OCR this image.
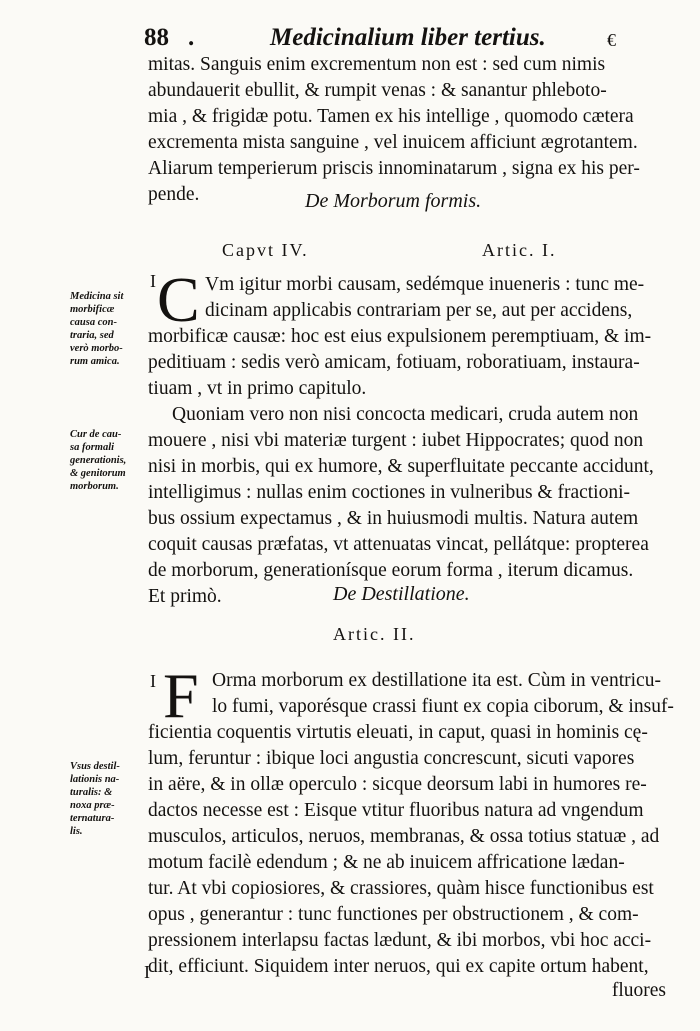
88 .	Medicinalium liber tertius.	€
mitas. Sanguis enim excrementum non est : sed cum nimis
abundauerit ebullit, & rumpit venas : & sanantur phleboto-
mia , & frigidæ potu. Tamen ex his intellige , quomodo cætera
excrementa mista sanguine , vel inuicem afficiunt ægrotantem.
Aliarum temperierum priscis innominatarum , signa ex his per-
pende.	De Morborum formis.
Capvt IV.	Artic. I.
I C Vm igitur morbi causam, sedémque inueneris : tunc me-
dicinam applicabis contrariam per se, aut per accidens,
morbificæ causæ: hoc est eius expulsionem peremptiuam, & im-
peditiuam : sedis verò amicam, fotiuam, roboratiuam, instaura-
tiuam , vt in primo capitulo.
Quoniam vero non nisi concocta medicari, cruda autem non
mouere , nisi vbi materiæ turgent : iubet Hippocrates; quod non
nisi in morbis, qui ex humore, & superfluitate peccante accidunt,
intelligimus : nullas enim coctiones in vulneribus & fractioni-
bus ossium expectamus , & in huiusmodi multis. Natura autem
coquit causas præfatas, vt attenuatas vincat, pellátque: propterea
de morborum, generationísque eorum forma , iterum dicamus.
Et primò.	De Destillatione.
Artic. II.
I F Orma morborum ex destillatione ita est. Cùm in ventricu-
lo fumi, vaporésque crassi fiunt ex copia ciborum, & insuf-
ficientia coquentis virtutis eleuati, in caput, quasi in hominis cę-
lum, feruntur : ibique loci angustia concrescunt, sicuti vapores
in aëre, & in ollæ operculo : sicque deorsum labi in humores re-
dactos necesse est : Eisque vtitur fluoribus natura ad vngendum
musculos, articulos, neruos, membranas, & ossa totius statuæ , ad
motum facilè edendum ; & ne ab inuicem affricatione lædan-
tur. At vbi copiosiores, & crassiores, quàm hisce functionibus est
opus , generantur : tunc functiones per obstructionem , & com-
pressionem interlapsu factas lædunt, & ibi morbos, vbi hoc acci-
dit, efficiunt. Siquidem inter neruos, qui ex capite ortum habent,
fluores
I
Medicina sit
morbificæ
causa con-
traria, sed
verò morbo-
rum amica.
Cur de cau-
sa formali
generationis,
& genitorum
morborum.
Vsus destil-
lationis na-
turalis: &
noxa præ-
ternatura-
lis.
